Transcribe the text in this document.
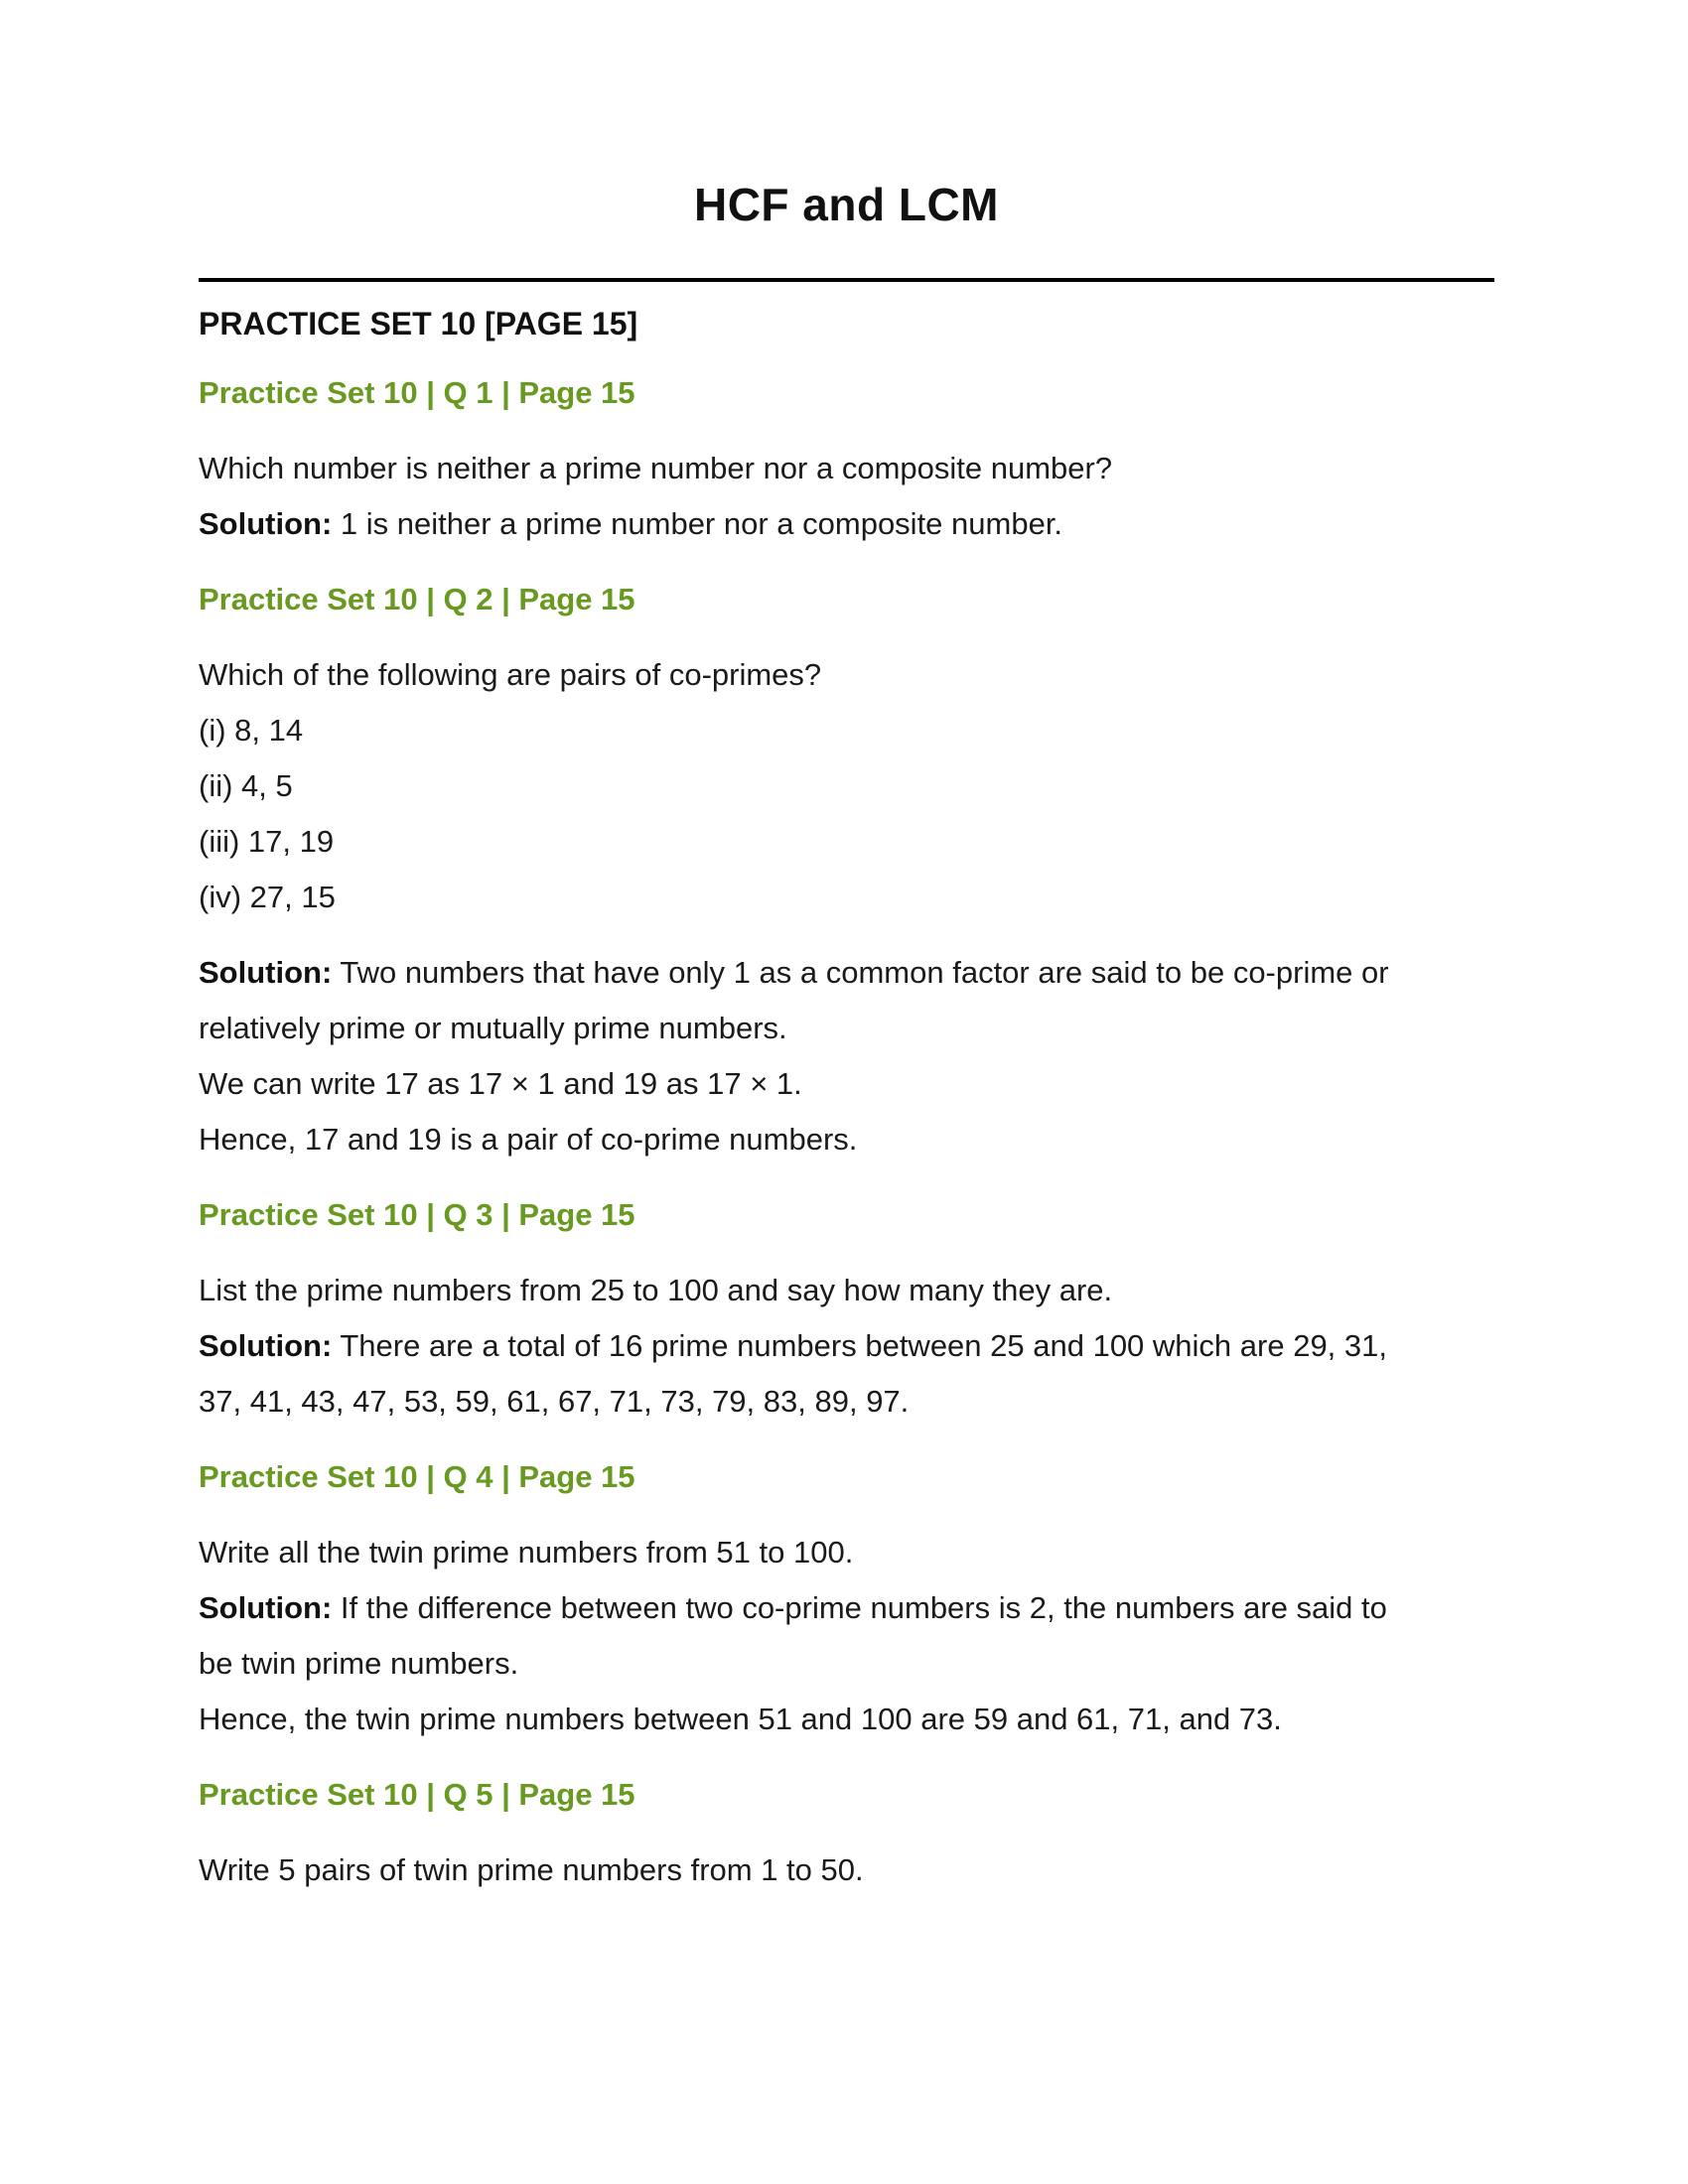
HCF and LCM
PRACTICE SET 10 [PAGE 15]
Practice Set 10 | Q 1 | Page 15
Which number is neither a prime number nor a composite number?
Solution: 1 is neither a prime number nor a composite number.
Practice Set 10 | Q 2 | Page 15
Which of the following are pairs of co-primes?
(i) 8, 14
(ii) 4, 5
(iii) 17, 19
(iv) 27, 15
Solution: Two numbers that have only 1 as a common factor are said to be co-prime or
relatively prime or mutually prime numbers.
We can write 17 as 17 × 1 and 19 as 17 × 1.
Hence, 17 and 19 is a pair of co-prime numbers.
Practice Set 10 | Q 3 | Page 15
List the prime numbers from 25 to 100 and say how many they are.
Solution: There are a total of 16 prime numbers between 25 and 100 which are 29, 31,
37, 41, 43, 47, 53, 59, 61, 67, 71, 73, 79, 83, 89, 97.
Practice Set 10 | Q 4 | Page 15
Write all the twin prime numbers from 51 to 100.
Solution: If the difference between two co-prime numbers is 2, the numbers are said to
be twin prime numbers.
Hence, the twin prime numbers between 51 and 100 are 59 and 61, 71, and 73.
Practice Set 10 | Q 5 | Page 15
Write 5 pairs of twin prime numbers from 1 to 50.
